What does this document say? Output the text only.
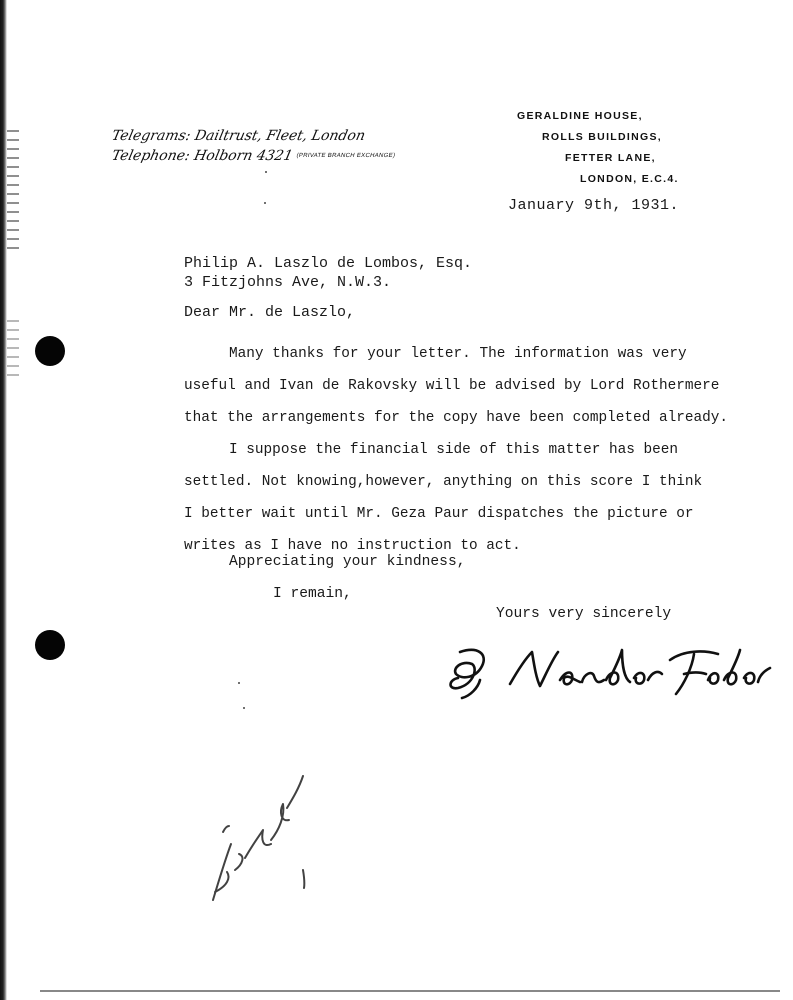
Telegrams: Dailtrust, Fleet, London
Telephone: Holborn 4321 (PRIVATE BRANCH EXCHANGE)
GERALDINE HOUSE,
ROLLS BUILDINGS,
FETTER LANE,
LONDON, E.C.4.
January 9th, 1931.
Philip A. Laszlo de Lombos, Esq.
3 Fitzjohns Ave, N.W.3.
Dear Mr. de Laszlo,
Many thanks for your letter. The information was very
useful and Ivan de Rakovsky will be advised by Lord Rothermere
that the arrangements for the copy have been completed already.
I suppose the financial side of this matter has been
settled. Not knowing,however, anything on this score I think
I better wait until Mr. Geza Paur dispatches the picture or
writes as I have no instruction to act.
Appreciating your kindness,
I remain,
Yours very sincerely
